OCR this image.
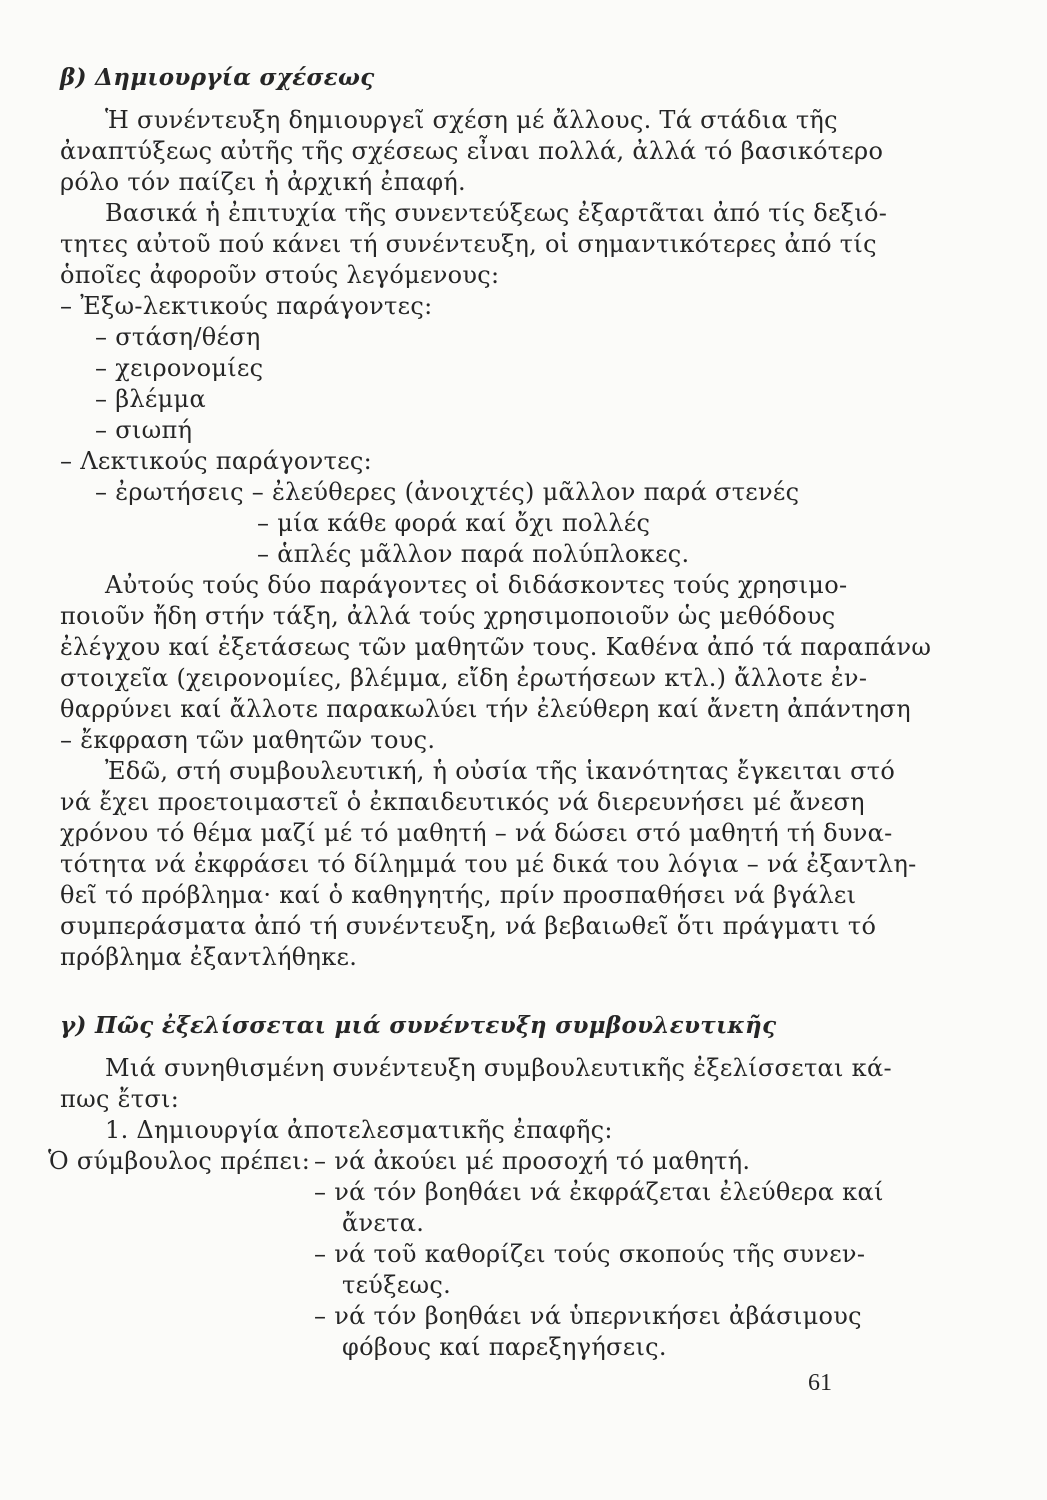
β) Δημιουργία σχέσεως
Ἡ συνέντευξη δημιουργεῖ σχέση μέ ἄλλους. Τά στάδια τῆς
ἀναπτύξεως αὐτῆς τῆς σχέσεως εἶναι πολλά, ἀλλά τό βασικότερο
ρόλο τόν παίζει ἡ ἀρχική ἐπαφή.
Βασικά ἡ ἐπιτυχία τῆς συνεντεύξεως ἐξαρτᾶται ἀπό τίς δεξιό-
τητες αὐτοῦ πού κάνει τή συνέντευξη, οἱ σημαντικότερες ἀπό τίς
ὁποῖες ἀφοροῦν στούς λεγόμενους:
– Ἐξω-λεκτικούς παράγοντες:
– στάση/θέση
– χειρονομίες
– βλέμμα
– σιωπή
– Λεκτικούς παράγοντες:
– ἐρωτήσεις – ἐλεύθερες (ἀνοιχτές) μᾶλλον παρά στενές
– μία κάθε φορά καί ὄχι πολλές
– ἁπλές μᾶλλον παρά πολύπλοκες.
Αὐτούς τούς δύο παράγοντες οἱ διδάσκοντες τούς χρησιμο-
ποιοῦν ἤδη στήν τάξη, ἀλλά τούς χρησιμοποιοῦν ὡς μεθόδους
ἐλέγχου καί ἐξετάσεως τῶν μαθητῶν τους. Καθένα ἀπό τά παραπάνω
στοιχεῖα (χειρονομίες, βλέμμα, εἴδη ἐρωτήσεων κτλ.) ἄλλοτε ἐν-
θαρρύνει καί ἄλλοτε παρακωλύει τήν ἐλεύθερη καί ἄνετη ἀπάντηση
– ἔκφραση τῶν μαθητῶν τους.
Ἐδῶ, στή συμβουλευτική, ἡ οὐσία τῆς ἱκανότητας ἔγκειται στό
νά ἔχει προετοιμαστεῖ ὁ ἐκπαιδευτικός νά διερευνήσει μέ ἄνεση
χρόνου τό θέμα μαζί μέ τό μαθητή – νά δώσει στό μαθητή τή δυνα-
τότητα νά ἐκφράσει τό δίλημμά του μέ δικά του λόγια – νά ἐξαντλη-
θεῖ τό πρόβλημα· καί ὁ καθηγητής, πρίν προσπαθήσει νά βγάλει
συμπεράσματα ἀπό τή συνέντευξη, νά βεβαιωθεῖ ὅτι πράγματι τό
πρόβλημα ἐξαντλήθηκε.
γ) Πῶς ἐξελίσσεται μιά συνέντευξη συμβουλευτικῆς
Μιά συνηθισμένη συνέντευξη συμβουλευτικῆς ἐξελίσσεται κά-
πως ἔτσι:
1. Δημιουργία ἀποτελεσματικῆς ἐπαφῆς:
Ὁ σύμβουλος πρέπει: – νά ἀκούει μέ προσοχή τό μαθητή.
– νά τόν βοηθάει νά ἐκφράζεται ἐλεύθερα καί
ἄνετα.
– νά τοῦ καθορίζει τούς σκοπούς τῆς συνεν-
τεύξεως.
– νά τόν βοηθάει νά ὑπερνικήσει ἀβάσιμους
φόβους καί παρεξηγήσεις.
61
